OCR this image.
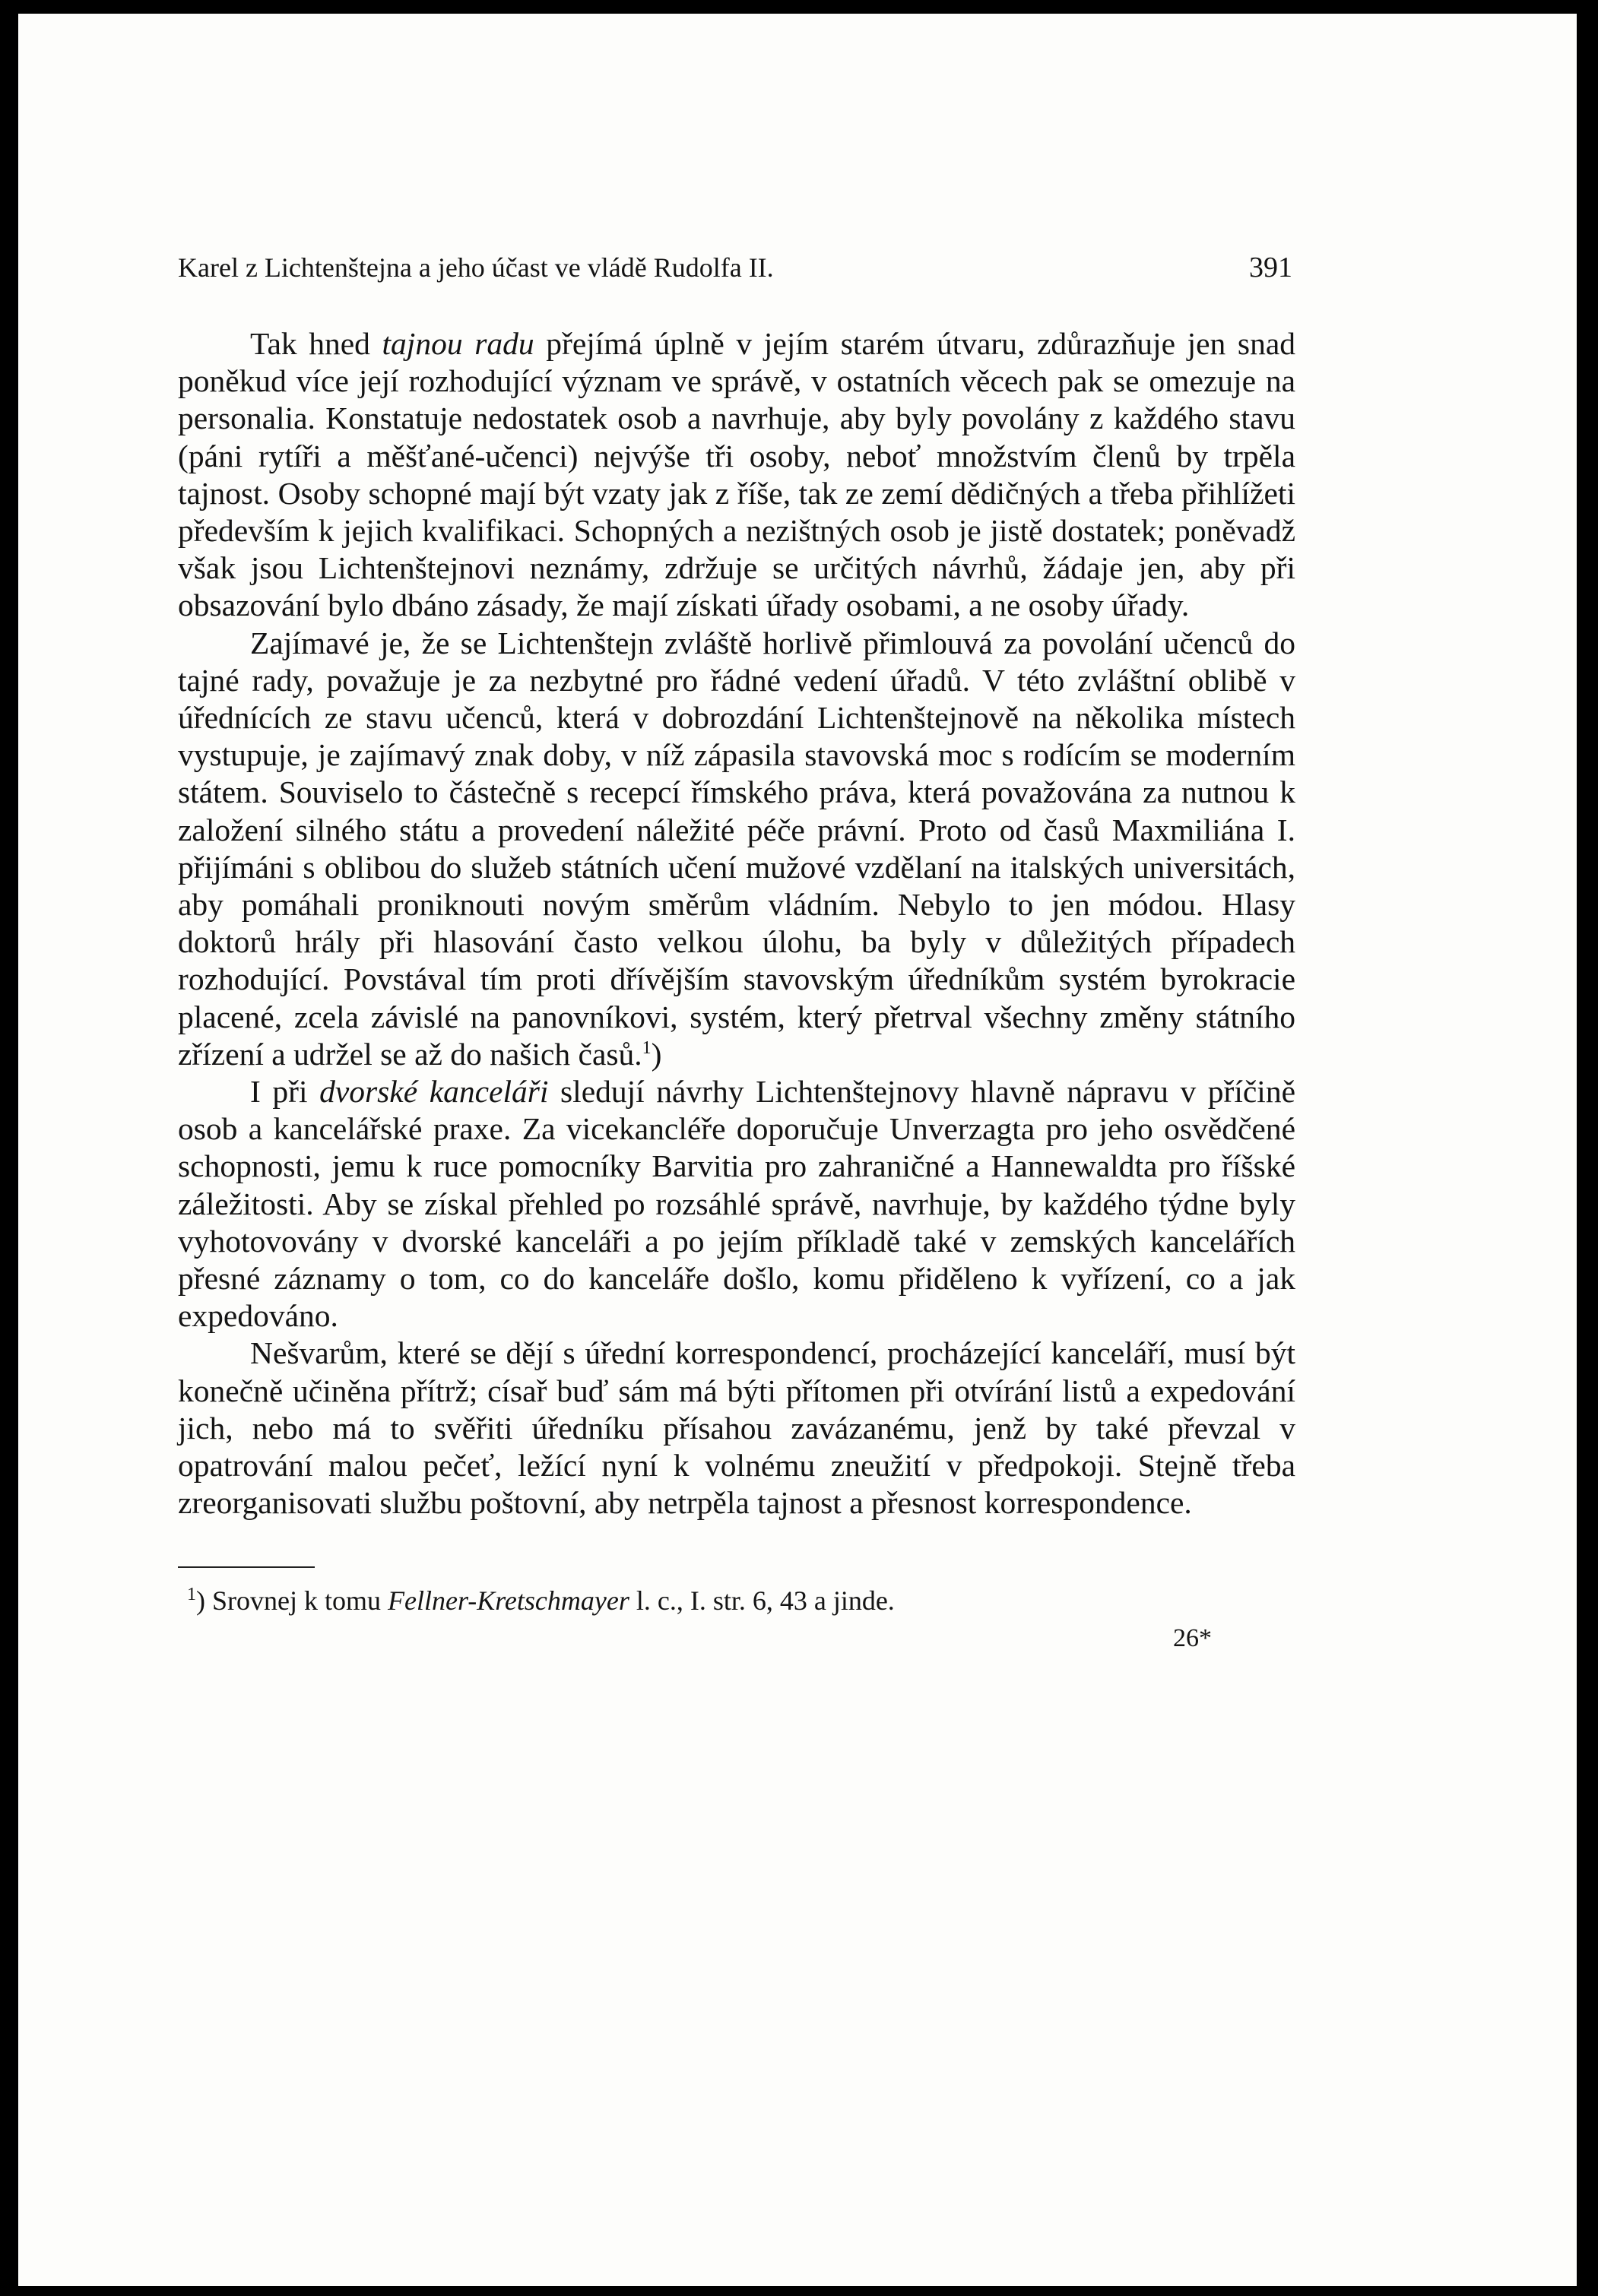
Karel z Lichtenštejna a jeho účast ve vládě Rudolfa II.	391

Tak hned tajnou radu přejímá úplně v jejím starém útvaru, zdůrazňuje jen snad poněkud více její rozhodující význam ve správě, v ostatních věcech pak se omezuje na personalia. Konstatuje nedostatek osob a navrhuje, aby byly povolány z každého stavu (páni rytíři a měšťané-učenci) nejvýše tři osoby, neboť množstvím členů by trpěla tajnost. Osoby schopné mají být vzaty jak z říše, tak ze zemí dědičných a třeba přihlížeti především k jejich kvalifikaci. Schopných a nezištných osob je jistě dostatek; poněvadž však jsou Lichtenštejnovi neznámy, zdržuje se určitých návrhů, žádaje jen, aby při obsazování bylo dbáno zásady, že mají získati úřady osobami, a ne osoby úřady.

Zajímavé je, že se Lichtenštejn zvláště horlivě přimlouvá za povolání učenců do tajné rady, považuje je za nezbytné pro řádné vedení úřadů. V této zvláštní oblibě v úřednících ze stavu učenců, která v dobrozdání Lichtenštejnově na několika místech vystupuje, je zajímavý znak doby, v níž zápasila stavovská moc s rodícím se moderním státem. Souviselo to částečně s recepcí římského práva, která považována za nutnou k založení silného státu a provedení náležité péče právní. Proto od časů Maxmiliána I. přijímáni s oblibou do služeb státních učení mužové vzdělaní na italských universitách, aby pomáhali proniknouti novým směrům vládním. Nebylo to jen módou. Hlasy doktorů hrály při hlasování často velkou úlohu, ba byly v důležitých případech rozhodující. Povstával tím proti dřívějším stavovským úředníkům systém byrokracie placené, zcela závislé na panovníkovi, systém, který přetrval všechny změny státního zřízení a udržel se až do našich časů.$^1$)

I při dvorské kanceláři sledují návrhy Lichtenštejnovy hlavně nápravu v příčině osob a kancelářské praxe. Za vicekancléře doporučuje Unverzagta pro jeho osvědčené schopnosti, jemu k ruce pomocníky Barvitia pro zahraničné a Hannewaldta pro říšské záležitosti. Aby se získal přehled po rozsáhlé správě, navrhuje, by každého týdne byly vyhotovovány v dvorské kanceláři a po jejím příkladě také v zemských kancelářích přesné záznamy o tom, co do kanceláře došlo, komu přiděleno k vyřízení, co a jak expedováno.

Nešvarům, které se dějí s úřední korrespondencí, procházející kanceláří, musí být konečně učiněna přítrž; císař buď sám má býti přítomen při otvírání listů a expedování jich, nebo má to svěřiti úředníku přísahou zavázanému, jenž by také převzal v opatrování malou pečeť, ležící nyní k volnému zneužití v předpokoji. Stejně třeba zreorganisovati službu poštovní, aby netrpěla tajnost a přesnost korrespondence.

$^1$) Srovnej k tomu Fellner-Kretschmayer l. c., I. str. 6, 43 a jinde.

26*
